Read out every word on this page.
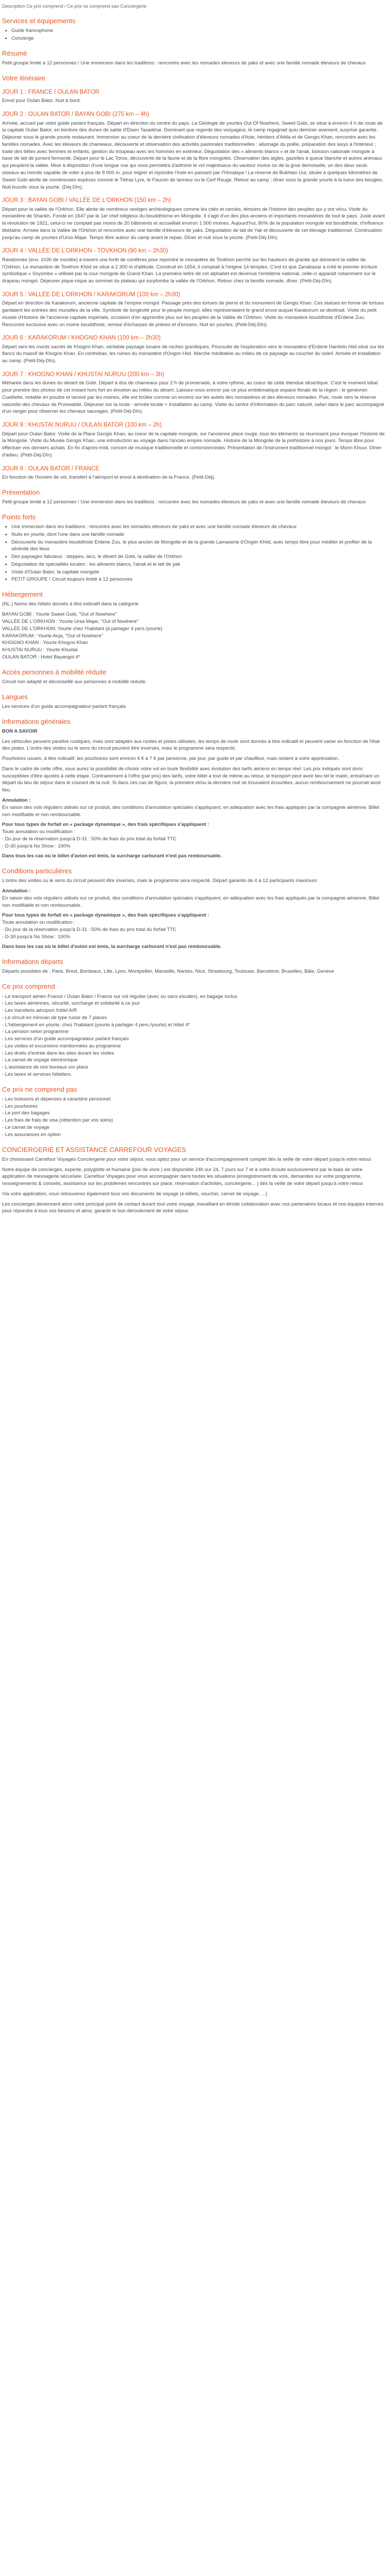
Description Ce prix comprend / Ce prix ne comprend pas Conciergerie
Services et équipements
• Guide francophone
• Concierge
Résumé

Petit groupe limité à 12 personnes ! Une immersion dans les traditions : rencontre avec les nomades éleveurs de yaks et avec une famille nomade éleveurs de chevaux

Votre itinéraire
JOUR 1 : FRANCE / OULAN BATOR

Envol pour Oulan Bator. Nuit à bord.

JOUR 2 : OULAN BATOR / BAYAN GOBI (275 km – 4h)

Arrivée, accueil par votre guide parlant français. Départ en direction du centre du pays. La Géologie de yourtes Out Of Nowhere, Sweet Gobi, se situe à environ 4 h de route de la capitale Oulan Bator, en bordure des dunes de sable d'Elsen Tasarkhai. Dominant que regorde des vosyageur, le camp regagnait quiu deminer avement, surprise garantie. Déjeuner sous le grande yourte restaurant. Immersion au coeur de la dernière civilisation d'éleveurs nomades d'Asie, héritiers d'Attila et de Gengis Khan, rencontre avec les familles nomades. Avec les éleveurs de chameaux, découverte et observation des activités pastorales traditionnelles : allumage du poêle, préparation des laxys à l'intérieur ; traite des bêtes avec femmes et enfants, gestion du troupeau avec les hommes en extérieur. Dégustation des « aliments blancs » et de l'airak, boisson nationale mongole à base de lait de jument fermenté. Départ pour le Lac Toroo, découverte de la faune et de la flore mongoles. Observation des aigles, gazelles à queue blanche et autres animaux qui peuplent la vallée. Mise à disposition d'une longue vue qui vous permettra d'admirer le vol majestueux du vautour moine ou de la grue demoiselle, un des deux seuls oiseaux au monde capable de voler à plus de 8 000 m. pour migrer et rejoindre l'Inde en passant par l'Himalaya ! La réserve de Bukhtan Uul, située à quelques kilomètres de Sweet Gobi abrite de nombreuses espèces comme le Tétras Lyre, le Faucon de lanneur ou le Cerf Rouge. Retour au camp ; dîner sous la grande yourte à la lueur des bougies. Nuit bucolic sous la yourte. (Déj-Dîn).

JOUR 3 : BAYAN GOBI / VALLÉE DE L'ORKHON (150 km – 2h)

Départ pour la vallée de l'Orkhon. Elle abrite de nombreux vestiges archéologiques comme les cités et cercles, témoins de l'histoire des peuples qui y ont vécu. Visite du monastère de Shankh. Fondé en 1647 par le 1er chef religieux du bouddhisme en Mongolie. Il s'agit d'un des plus anciens et importants monastères de tout le pays. Juste avant la révolution de 1921, celui-ci ne comptait pas moins de 20 bâtiments et accueillait environ 1 500 moines. Aujourd'hui, 80% de la population mongole est bouddhiste, d'influence tibétaine. Arrivée dans la Vallée de l'Orkhon et rencontre avec une famille d'éleveurs de yaks. Dégustation de lait de Yak et découverte de cet élevage traditionnel. Continuation jusqu'au camp de yourtes d'Urso Majar. Temps libre autour du camp avant le repas. Dîner et nuit sous la yourte. (Petit-Déj-Dîn).

JOUR 4 : VALLÉE DE L'ORKHON - TOVKHON (90 km – 2h30)

Randonnée (env. 1h30 de montée) à travers une forêt de conifères pour rejoindre le monastère de Tovkhon perché sur les hauteurs de granite qui dominent la vallée de l'Orkhon. Le monastère de Tovkhon Khiid se situe à 2 300 m d'altitude. Construit en 1654, il comptait à l'origine 14 temples. C'est ici que Zanabazar a créé le premier écriture symbolique « Soyombo » utilisée par la cour mongole de Grand Khan. La première lettre de cet alphabet est devenue l'emblème national, celle-ci apparaît notamment sur le drapeau mongol. Déjeuner pique-nique au sommet du plateau qui surplombe la vallée de l'Orkhon. Retour chez la famille nomade, dîner. (Petit-Déj-Dîn).

JOUR 5 : VALLÉE DE L'ORKHON / KARAKORUM (100 km – 2h30)

Départ en direction de Karakorum, ancienne capitale de l'empire mongol. Passage près des tortues de pierre et du monument de Gengis Khan. Ces statues en forme de tortues gardaient les entrées des murailles de la ville. Symbole de longévité pour le peuple mongol, elles représentaient le grand envol auquel Karakorum se destinait. Visite du petit musée d'Histoire de l'ancienne capitale impériale, occasion d'en apprendre plus sur les peuples de la Vallée de l'Orkhon. Visite du monastère bouddhiste d'Erdene Zuu. Rencontre exclusive avec un moine bouddhiste, remise d'écharpes de prières et d'encens. Nuit en yourtes. (Petit-Déj-Dîn).

JOUR 6 : KARAKORUM / KHOGNO KHAN (100 km – 2h30)

Départ vers les monts sacrés de Khogno Khan, véritable paysage lunaire de roches granitiques. Poursuite de l'exploration vers le monastère d'Erdene Hambiin Hiid situé sur les flancs du massif de Khogno Khan. En contrebas, les ruines du monastère d'Ovgon Hiid. Marche méditative au milieu de ce paysage au coucher du soleil. Arrivée et installation au camp. (Petit-Déj-Dîn).

JOUR 7 : KHOGNO KHAN / KHUSTAI NURUU (200 km – 3h)

Méharée dans les dunes du désert de Gobi. Départ à dos de chameaux pour 2 h de promenade, à votre rythme, au coeur de cette étendue désertique. C'est le moment idéal pour prendre des photos de cet instant hors fort en émotion au milieu du désert. Laissez-vous enivrer par ce plus emblématique espace florale de la région : le genévrier. Cueillette, notable en poudre et tamisé par les moines, elle est brûlée comme un encens sur les autels des monastères et des éleveurs nomades. Puis, route vers la réserve naturelle des chevaux de Przewalski. Déjeuner sur la route - arrivée locale + installation au camp. Visite du centre d'information du parc naturel, safari dans le parc accompagné d'un ranger pour observer les chevaux sauvages. (Petit-Déj-Dîn).

JOUR 8 : KHUSTAI NURUU / OULAN BATOR (100 km – 2h)

Départ pour Oulan Bator. Visite de la Place Gengis Khan, au coeur de la capitale mongole, sur l'ancienne place rouge, tous les éléments se réunissent pour évoquer l'histoire de la Mongolie. Visite du Musée Gengis Khan, une introduction au voyage dans l'ancien empire nomade. Histoire de la Mongolie de la préhistoire à nos jours. Temps libre pour effectuer vos derniers achats. En fin d'après-midi, concert de musique traditionnelle et contorsionnistes. Présentation de l'instrument traditionnel mongol : le Morin Khuur. Dîner d'adieu. (Petit-Déj-Dîn)

JOUR 9 : OULAN BATOR / FRANCE

En fonction de l'horaire de vol, transfert à l'aéroport et envol à destination de la France. (Petit-Déj).

Présentation

Petit groupe limité à 12 personnes ! Une immersion dans les traditions : rencontre avec les nomades éleveurs de yaks et avec une famille nomade éleveurs de chevaux

Points forts
• Une immersion dans les traditions : rencontre avec les nomades éleveurs de yaks et avec une famille nomade éleveurs de chevaux
• Nuits en yourte, dont l'une dans une famille nomade
• Découverte du monastère bouddhiste Erdene Zuu, le plus ancien de Mongolie et de la grande Lamaserie d'Ongiin Khiid, avec temps libre pour méditer et profiter de la sérénité des lieux
• Des paysages fabuleux : steppes, lacs, le désert de Gobi, la vallée de l'Orkhon
• Dégustation de spécialités locales : les aliments blancs, l'airak et le lait de yak
• Visite d'Oulan Bator, la capitale mongole
• PETIT GROUPE ! Circuit toujours limité à 12 personnes
Hébergement

(NL.) Noms des hôtels donnés à titre indicatif dans la catégorie

BAYAN GOBI : Yourte Sweet Gobi, "Out of Nowhere"
VALLÉE DE L'ORKHON : Yourte Ursa Majar, "Out of Nowhere"
VALLÉE DE L'ORKHON: Yourte chez l'habitant (à partager 4 pers./yourte)
KARAKORUM : Yourte Anja, "Out of Nowhere"
KHOGNO KHAN : Yourte Khogno Khan
KHUSTAI NURUU : Yourte Khustai
OULAN BATOR : Hotel Bayangol 4*

Accès personnes à mobilité réduite

Circuit non adapté et déconseillé aux personnes à mobilité réduite.

Langues

Les services d'un guide accompagnateur parlant français

Informations générales

BON A SAVOIR

Les véhicules peuvent paraître rustiques, mais sont adaptés aux routes et pistes utilisées, les temps de route sont donnés à titre indicatif et peuvent varier en fonction de l'état des pistes. L'ordre des visites ou le sens du circuit peuvent être inversés, mais le programme sera respecté.

Pourboires usuels, à titre indicatif, les pourboires sont environ 4 € à 7 € par personne, par jour, par guide et par chauffeur, mais restent à votre appréciation.

Dans le cadre de cette offre, vous aurez la possibilité de choisir votre vol en toute flexibilité avec évolution des tarifs aériens en temps réel. Les prix indiqués sont donc susceptibles d'être ajustés à cette étape. Contrairement à l'offre (par prix) des tarifs, votre billet à tout de même au retour, le transport peut avoir lieu tel le matin, entraînant un départ du lieu de séjour dans le courant de la nuit. Si dans ces cas de figure, la première et/ou la dernière nuit se trouvaient écourtées, aucun remboursement ne pourrait avoir lieu.

Annulation :
En raison des vols réguliers utilisés sur ce produit, des conditions d'annulation spéciales s'appliquent, en adéquation avec les frais appliqués par la compagnie aérienne. Billet non modifiable et non remboursable.

Pour tous types de forfait en « package dynamique », des frais spécifiques s'appliquent :
Toute annulation ou modification :
- Du jour de la réservation jusqu'à D-31 : 50% de frais du prix total du forfait TTC
- D-30 jusqu'à No Show : 100%

Dans tous les cas où le billet d'avion est émis, la surcharge carburant n'est pas remboursable.

Conditions particulières

L'ordre des visites ou le sens du circuit peuvent être inversés, mais le programme sera respecté. Départ garantis de 4 à 12 participants maximum

Annulation :
En raison des vols réguliers utilisés sur ce produit, des conditions d'annulation spéciales s'appliquent, en adéquation avec les frais appliqués par la compagnie aérienne. Billet non modifiable et non remboursable.

Pour tous types de forfait en « package dynamique », des frais spécifiques s'appliquent :
Toute annulation ou modification :
- Du jour de la réservation jusqu'à D-31 : 50% de frais du prix total du forfait TTC
- D-30 jusqu'à No Show : 100%

Dans tous les cas où le billet d'avion est émis, la surcharge carburant n'est pas remboursable.

Informations départs

Départs possibles de : Paris, Brest, Bordeaux, Lille, Lyon, Montpellier, Marseille, Nantes, Nice, Strasbourg, Toulouse, Barcelone, Bruxelles, Bâle, Genève

Ce prix comprend

- Le transport aérien France / Oulan Bator / France sur vol régulier (avec ou sans escales), en bagage inclus
- Les taxes aériennes, sécurité, surcharge et solidarité à ce jour
- Les transferts aéroport /hôtel A/R
- Le circuit en minivan de type russe de 7 places
- L'hébergement en yourte, chez l'habitant (yourte à partager 4 pers./yourte) et hôtel 4*
- La pension selon programme
- Les services d'un guide accompagnateur parlant français
- Les visites et excursions mentionnées au programme
- Les droits d'entrée dans les sites durant les visites
- La carnet de voyage électronique
- L'assistance de nos bureaux sur place
- Les taxes et services hôteliers.

Ce prix ne comprend pas

- Les boissons et dépenses à caractère personnel
- Les pourboires
- Le port des bagages
- Les frais de frais de visa (obtention par vos soins)
- Le carnet de voyage
- Les assurances en option

CONCIERGERIE ET ASSISTANCE CARREFOUR VOYAGES

En choisissant Carrefour Voyages Conciergerie pour votre séjour, vous optez pour un service d'accompagnement complet dès la veille de votre départ jusqu'à votre retour.

Notre équipe de concierges, experte, polyglotte et humaine (joie de vivre ) est disponible 24h sur 24, 7 jours sur 7 et à votre écoute exclusivement par le biais de votre application de messagerie sécurisée. Carrefour Voyages pour vous accompagner dans toutes les situations (enregistrement de vols, demandes sur votre programme, renseignements & conseils, assistance sur les problèmes rencontrés sur place, réservation d'activités, conciergerie... ) dès la veille de votre départ jusqu'à votre retour.

Via votre application, vous retrouverez également tous vos documents de voyage (e-billets, voucher, carnet de voyage, ...)

Les concierges deviennent alors votre principal point de contact durant tout votre voyage, travaillant en étroite collaboration avec nos partenaires locaux et nos équipes internes pour répondre à tous vos besoins et ainsi, garantir le bon déroulement de votre séjour.
